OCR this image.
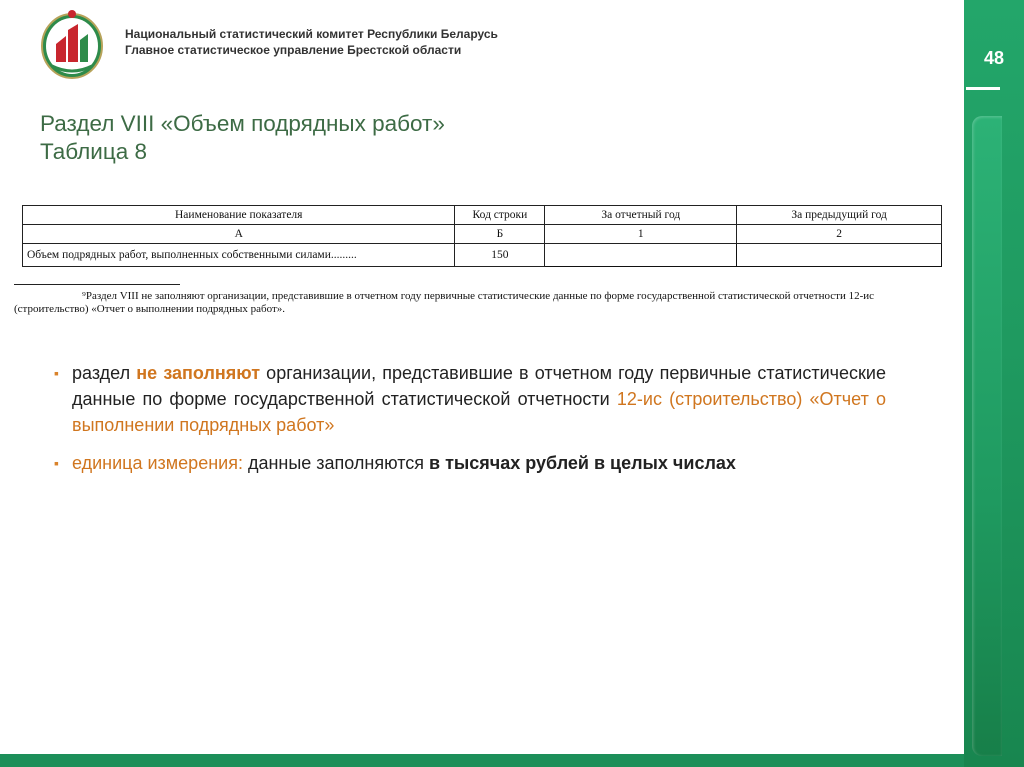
48
Национальный статистический комитет Республики Беларусь
Главное статистическое управление Брестской области
Раздел VIII «Объем подрядных работ»
Таблица 8
Наименование показателя	Код строки	За отчетный год	За предыдущий год
А	Б	1	2
Объем подрядных работ, выполненных собственными силами.........	150		
⁹Раздел VIII не заполняют организации, представившие в отчетном году первичные статистические данные по форме государственной статистической отчетности 12-ис (строительство) «Отчет о выполнении подрядных работ».
▪ раздел не заполняют организации, представившие в отчетном году первичные статистические данные по форме государственной статистической отчетности 12-ис (строительство) «Отчет о выполнении подрядных работ»
▪ единица измерения: данные заполняются в тысячах рублей в целых числах
